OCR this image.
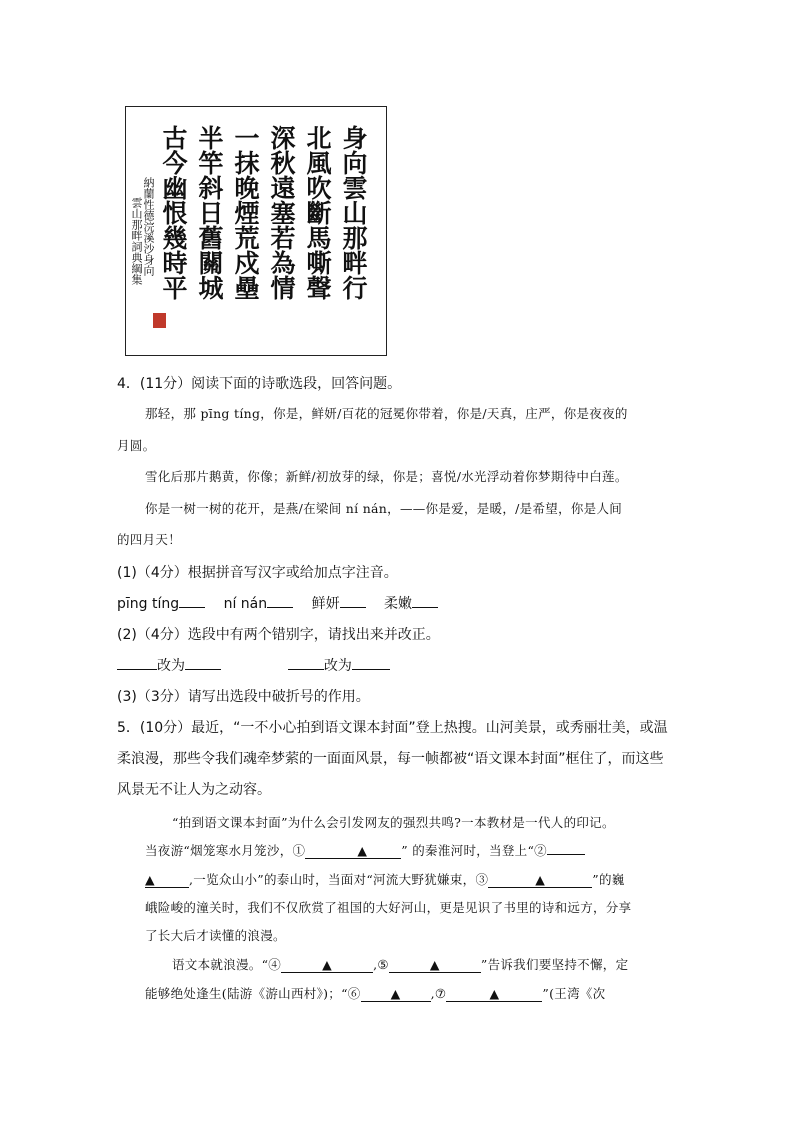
身向雲山那畔行
北風吹斷馬嘶聲
深秋遠塞若為情
一抹晚煙荒戍壘
半竿斜日舊關城
古今幽恨幾時平
納蘭性德浣溪沙身向
雲山那畔詞典綱集
4．(11分）阅读下面的诗歌选段，回答问题。
那轻，那 pīng tíng，你是，鲜妍/百花的冠冕你带着，你是/天真，庄严，你是夜夜的
月圆。
雪化后那片鹅黄，你像；新鲜/初放芽的绿，你是；喜悦/水光浮动着你梦期待中白莲。
你是一树一树的花开，是燕/在梁间 ní nán，——你是爱，是暖，/是希望，你是人间
的四月天！
(1)（4分）根据拼音写汉字或给加点字注音。
pīng tíng	ní nán	鲜妍	柔嫩
(2)（4分）选段中有两个错别字，请找出来并改正。
改为	改为
(3)（3分）请写出选段中破折号的作用。
5．(10分）最近，“一不小心拍到语文课本封面”登上热搜。山河美景，或秀丽壮美，或温
柔浪漫，那些令我们魂牵梦萦的一面面风景，每一帧都被“语文课本封面”框住了，而这些
风景无不让人为之动容。
“拍到语文课本封面”为什么会引发网友的强烈共鸣?一本教材是一代人的印记。
当夜游“烟笼寒水月笼沙，①	▲	” 的秦淮河时，当登上“②
▲	,一览众山小”的泰山时，当面对“河流大野犹嫌束，③	▲	”的巍
峨险峻的潼关时，我们不仅欣赏了祖国的大好河山，更是见识了书里的诗和远方，分享
了长大后才读懂的浪漫。
语文本就浪漫。“④	▲	,⑤	▲	”告诉我们要坚持不懈，定
能够绝处逢生(陆游《游山西村》)；“⑥ ▲ ,⑦	▲	”(王湾《次
